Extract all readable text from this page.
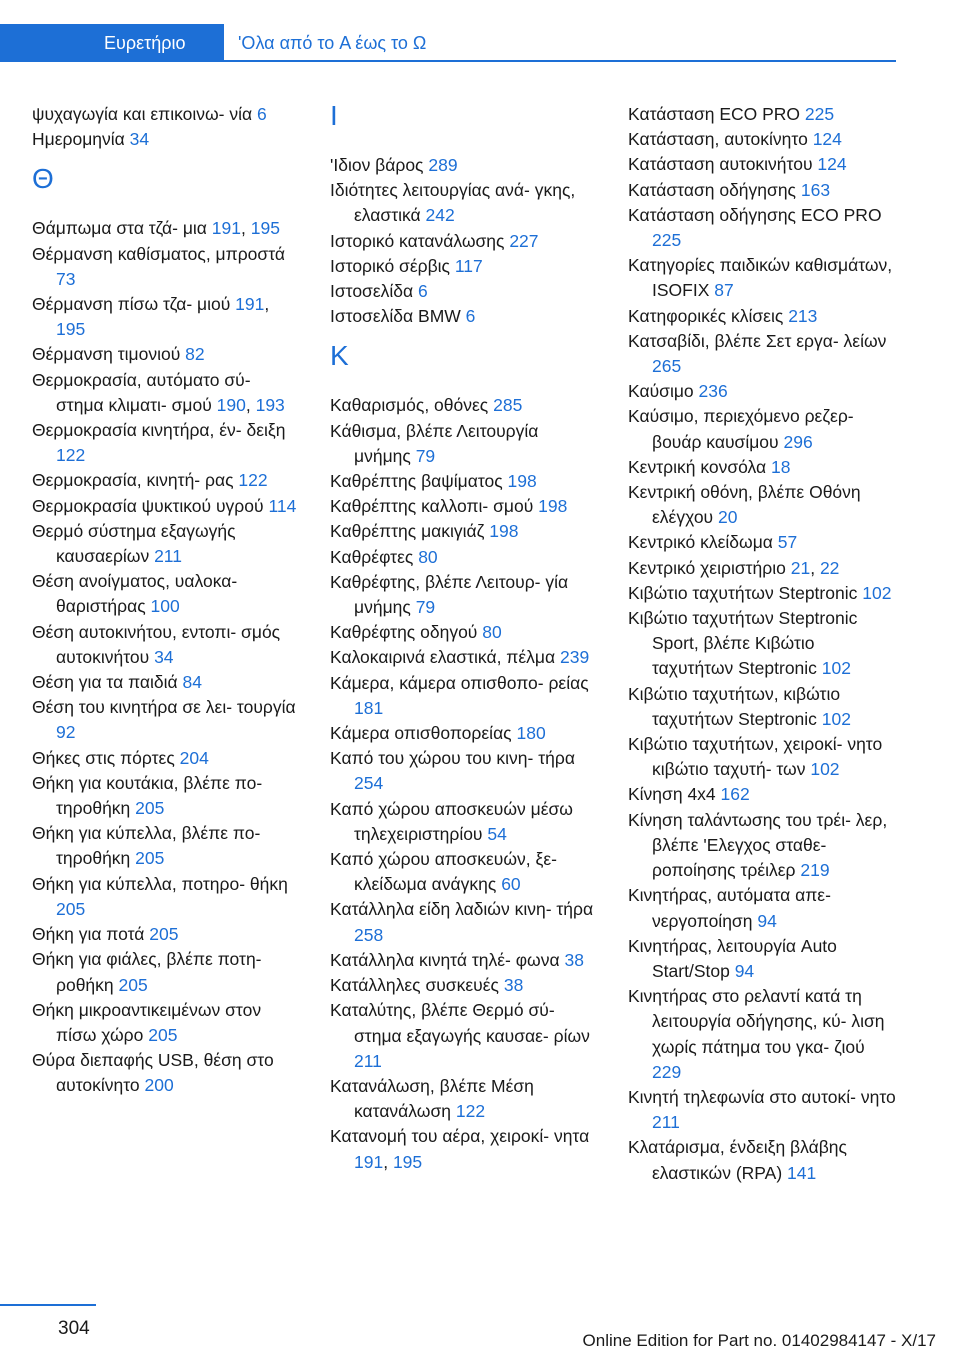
Ευρετήριο	'Ολα από το A έως το Ω
ψυχαγωγία και επικοινω‐ νία 6
Ημερομηνία 34
Θ
Θάμπωμα στα τζά‐ μια 191, 195
Θέρμανση καθίσματος, μπροστά 73
Θέρμανση πίσω τζα‐ μιού 191, 195
Θέρμανση τιμονιού 82
Θερμοκρασία, αυτόματο σύ‐ στημα κλιματι‐ σμού 190, 193
Θερμοκρασία κινητήρα, έν‐ δειξη 122
Θερμοκρασία, κινητή‐ ρας 122
Θερμοκρασία ψυκτικού υγρού 114
Θερμό σύστημα εξαγωγής καυσαερίων 211
Θέση ανοίγματος, υαλοκα‐ θαριστήρας 100
Θέση αυτοκινήτου, εντοπι‐ σμός αυτοκινήτου 34
Θέση για τα παιδιά 84
Θέση του κινητήρα σε λει‐ τουργία 92
Θήκες στις πόρτες 204
Θήκη για κουτάκια, βλέπε πο‐ τηροθήκη 205
Θήκη για κύπελλα, βλέπε πο‐ τηροθήκη 205
Θήκη για κύπελλα, ποτηρο‐ θήκη 205
Θήκη για ποτά 205
Θήκη για φιάλες, βλέπε ποτη‐ ροθήκη 205
Θήκη μικροαντικειμένων στον πίσω χώρο 205
Θύρα διεπαφής USB, θέση στο αυτοκίνητο 200
Ι
'Ιδιον βάρος 289
Ιδιότητες λειτουργίας ανά‐ γκης, ελαστικά 242
Ιστορικό κατανάλωσης 227
Ιστορικό σέρβις 117
Ιστοσελίδα 6
Ιστοσελίδα BMW 6
Κ
Καθαρισμός, οθόνες 285
Κάθισμα, βλέπε Λειτουργία μνήμης 79
Καθρέπτης βαψίματος 198
Καθρέπτης καλλοπι‐ σμού 198
Καθρέπτης μακιγιάζ 198
Καθρέφτες 80
Καθρέφτης, βλέπε Λειτουρ‐ γία μνήμης 79
Καθρέφτης οδηγού 80
Καλοκαιρινά ελαστικά, πέλμα 239
Κάμερα, κάμερα οπισθοπο‐ ρείας 181
Κάμερα οπισθοπορείας 180
Καπό του χώρου του κινη‐ τήρα 254
Καπό χώρου αποσκευών μέσω τηλεχειριστηρίου 54
Καπό χώρου αποσκευών, ξε‐ κλείδωμα ανάγκης 60
Κατάλληλα είδη λαδιών κινη‐ τήρα 258
Κατάλληλα κινητά τηλέ‐ φωνα 38
Κατάλληλες συσκευές 38
Καταλύτης, βλέπε Θερμό σύ‐ στημα εξαγωγής καυσαε‐ ρίων 211
Κατανάλωση, βλέπε Μέση κατανάλωση 122
Κατανομή του αέρα, χειροκί‐ νητα 191, 195
Κατάσταση ECO PRO 225
Κατάσταση, αυτοκίνητο 124
Κατάσταση αυτοκινήτου 124
Κατάσταση οδήγησης 163
Κατάσταση οδήγησης ECO PRO 225
Κατηγορίες παιδικών καθισμάτων, ISOFIX 87
Κατηφορικές κλίσεις 213
Κατσαβίδι, βλέπε Σετ εργα‐ λείων 265
Καύσιμο 236
Καύσιμο, περιεχόμενο ρεζερ‐ βουάρ καυσίμου 296
Κεντρική κονσόλα 18
Κεντρική οθόνη, βλέπε Οθόνη ελέγχου 20
Κεντρικό κλείδωμα 57
Κεντρικό χειριστήριο 21, 22
Κιβώτιο ταχυτήτων Steptronic 102
Κιβώτιο ταχυτήτων Steptronic Sport, βλέπε Κιβώτιο ταχυτήτων Steptronic 102
Κιβώτιο ταχυτήτων, κιβώτιο ταχυτήτων Steptronic 102
Κιβώτιο ταχυτήτων, χειροκί‐ νητο κιβώτιο ταχυτή‐ των 102
Κίνηση 4x4 162
Κίνηση ταλάντωσης του τρέι‐ λερ, βλέπε 'Ελεγχος σταθε‐ ροποίησης τρέιλερ 219
Κινητήρας, αυτόματα απε‐ νεργοποίηση 94
Κινητήρας, λειτουργία Auto Start/Stop 94
Κινητήρας στο ρελαντί κατά τη λειτουργία οδήγησης, κύ‐ λιση χωρίς πάτημα του γκα‐ ζιού 229
Κινητή τηλεφωνία στο αυτοκί‐ νητο 211
Κλατάρισμα, ένδειξη βλάβης ελαστικών (RPA) 141
304
Online Edition for Part no. 01402984147 - X/17
